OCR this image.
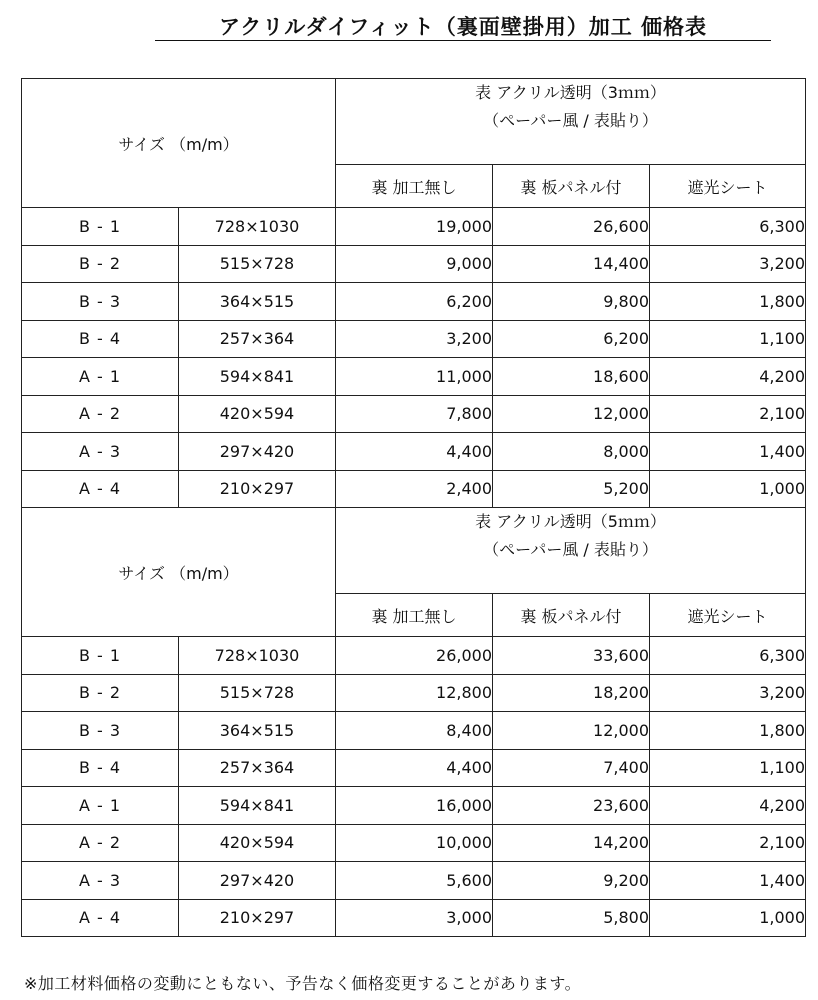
アクリルダイフィット（裏面壁掛用）加工 価格表
サイズ （m/m）		表 アクリル透明（3ｍｍ）
（ペーパー風 / 表貼り）		

		裏 加工無し	裏 板パネル付	遮光シート
B - 1	728×1030	19,000	26,600	6,300
B - 2	515×728	9,000	14,400	3,200
B - 3	364×515	6,200	9,800	1,800
B - 4	257×364	3,200	6,200	1,100
A - 1	594×841	11,000	18,600	4,200
A - 2	420×594	7,800	12,000	2,100
A - 3	297×420	4,400	8,000	1,400
A - 4	210×297	2,400	5,200	1,000
サイズ （m/m）		表 アクリル透明（5ｍｍ）
（ペーパー風 / 表貼り）		

		裏 加工無し	裏 板パネル付	遮光シート
B - 1	728×1030	26,000	33,600	6,300
B - 2	515×728	12,800	18,200	3,200
B - 3	364×515	8,400	12,000	1,800
B - 4	257×364	4,400	7,400	1,100
A - 1	594×841	16,000	23,600	4,200
A - 2	420×594	10,000	14,200	2,100
A - 3	297×420	5,600	9,200	1,400
A - 4	210×297	3,000	5,800	1,000
※加工材料価格の変動にともない、予告なく価格変更することがあります。
